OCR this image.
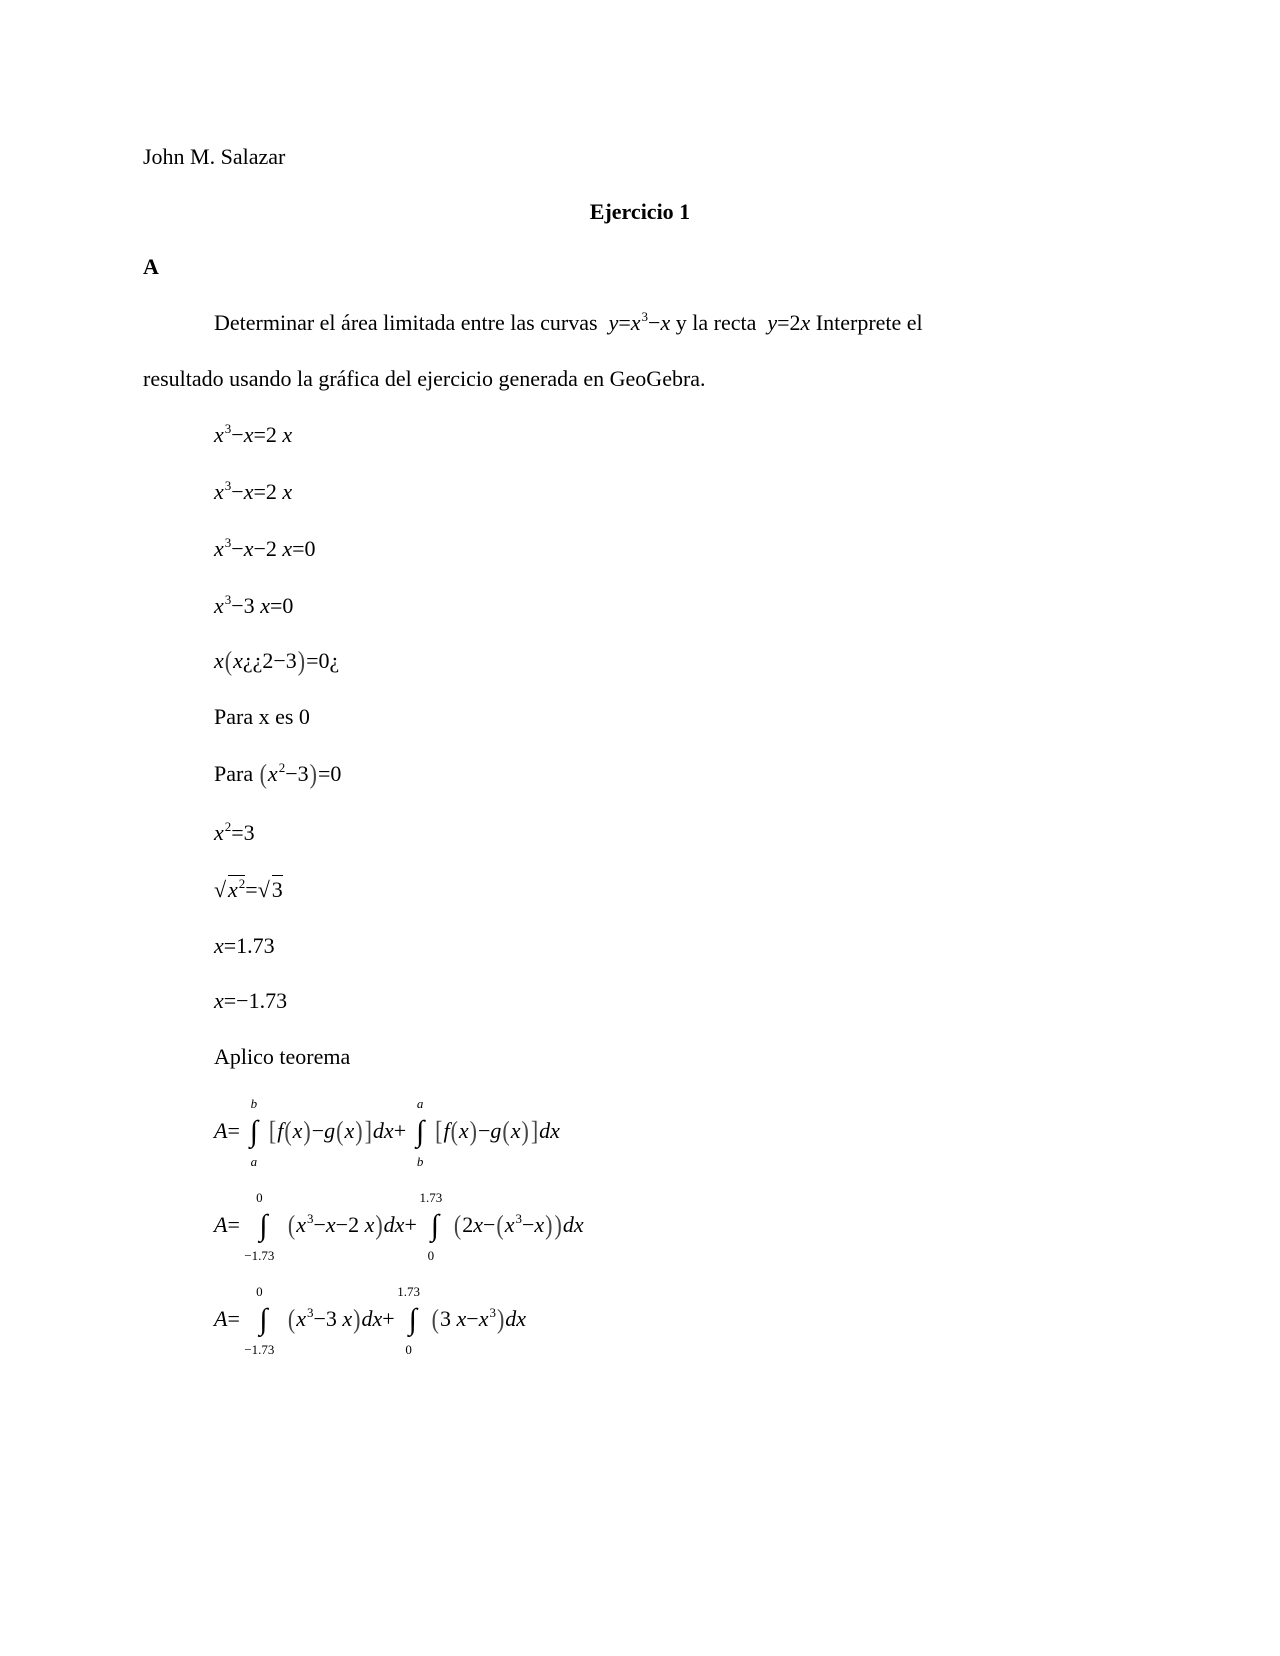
John M. Salazar
Ejercicio 1
A
Determinar el área limitada entre las curvas  $y=x^3-x$ y la recta  y=2x Interprete el
resultado usando la gráfica del ejercicio generada en GeoGebra.
$x^3-x=2$ x
$x^3-x=2$ x
$x^3-x-2$ x=0
$x^3-3$ x=0
x(x¿¿2−3)=0¿
Para x es 0
Para $(x^2-3)=0$
$x^2=3$
√ $x^2=√$ 3
x=1.73
x=−1.73
Aplico teorema
A=
b
∫
a
[f(x)−g(x)]dx+
a
∫
b
[f(x)−g(x)]dx
A=
0
∫
−1.73
($x^3-x-2$ x)dx+
1.73
∫
0
$(2x-(x^3-x))dx$
A=
0
∫
−1.73
($x^3-3$ x)dx+
1.73
∫
0
(3 $x-x^3)dx$
